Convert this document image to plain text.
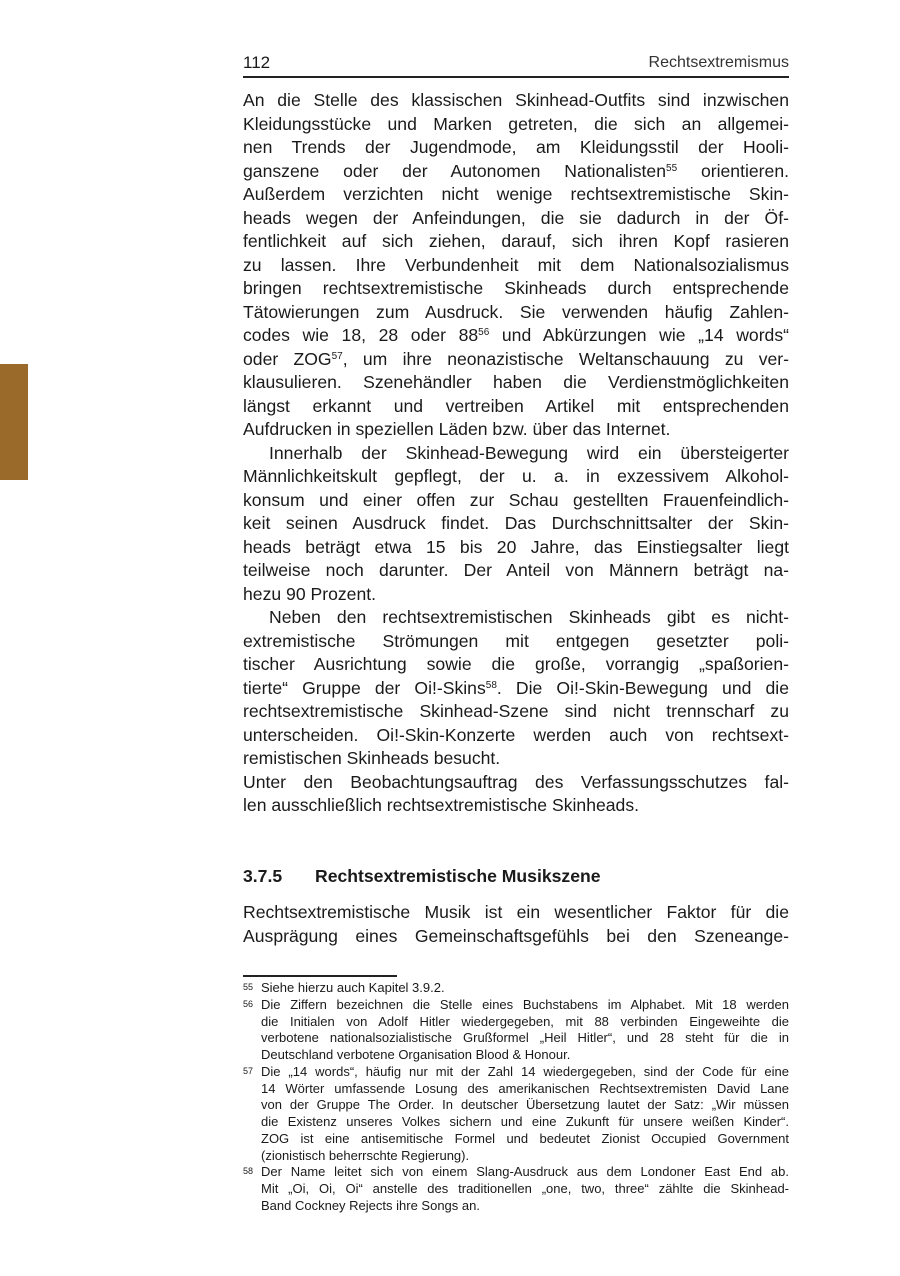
112	Rechtsextremismus
An die Stelle des klassischen Skinhead-Outfits sind inzwischen
Kleidungsstücke und Marken getreten, die sich an allgemei-
nen Trends der Jugendmode, am Kleidungsstil der Hooli-
ganszene oder der Autonomen Nationalisten$^{55}$ orientieren.
Außerdem verzichten nicht wenige rechtsextremistische Skin-
heads wegen der Anfeindungen, die sie dadurch in der Öf-
fentlichkeit auf sich ziehen, darauf, sich ihren Kopf rasieren
zu lassen. Ihre Verbundenheit mit dem Nationalsozialismus
bringen rechtsextremistische Skinheads durch entsprechende
Tätowierungen zum Ausdruck. Sie verwenden häufig Zahlen-
codes wie 18, 28 oder $88^{56}$ und Abkürzungen wie „14 words“
oder ZOG$^{57}$, um ihre neonazistische Weltanschauung zu ver-
klausulieren. Szenehändler haben die Verdienstmöglichkeiten
längst erkannt und vertreiben Artikel mit entsprechenden
Aufdrucken in speziellen Läden bzw. über das Internet.
Innerhalb der Skinhead-Bewegung wird ein übersteigerter
Männlichkeitskult gepflegt, der u. a. in exzessivem Alkohol-
konsum und einer offen zur Schau gestellten Frauenfeindlich-
keit seinen Ausdruck findet. Das Durchschnittsalter der Skin-
heads beträgt etwa 15 bis 20 Jahre, das Einstiegsalter liegt
teilweise noch darunter. Der Anteil von Männern beträgt na-
hezu 90 Prozent.
Neben den rechtsextremistischen Skinheads gibt es nicht-
extremistische Strömungen mit entgegen gesetzter poli-
tischer Ausrichtung sowie die große, vorrangig „spaßorien-
tierte“ Gruppe der Oi!-Skins$^{58}$. Die Oi!-Skin-Bewegung und die
rechtsextremistische Skinhead-Szene sind nicht trennscharf zu
unterscheiden. Oi!-Skin-Konzerte werden auch von rechtsext-
remistischen Skinheads besucht.
Unter den Beobachtungsauftrag des Verfassungsschutzes fal-
len ausschließlich rechtsextremistische Skinheads.
3.7.5 Rechtsextremistische Musikszene
Rechtsextremistische Musik ist ein wesentlicher Faktor für die
Ausprägung eines Gemeinschaftsgefühls bei den Szeneange-
55 Siehe hierzu auch Kapitel 3.9.2.
56 Die Ziffern bezeichnen die Stelle eines Buchstabens im Alphabet. Mit 18 werden
die Initialen von Adolf Hitler wiedergegeben, mit 88 verbinden Eingeweihte die
verbotene nationalsozialistische Grußformel „Heil Hitler“, und 28 steht für die in
Deutschland verbotene Organisation Blood & Honour.
57 Die „14 words“, häufig nur mit der Zahl 14 wiedergegeben, sind der Code für eine
14 Wörter umfassende Losung des amerikanischen Rechtsextremisten David Lane
von der Gruppe The Order. In deutscher Übersetzung lautet der Satz: „Wir müssen
die Existenz unseres Volkes sichern und eine Zukunft für unsere weißen Kinder“.
ZOG ist eine antisemitische Formel und bedeutet Zionist Occupied Government
(zionistisch beherrschte Regierung).
58 Der Name leitet sich von einem Slang-Ausdruck aus dem Londoner East End ab.
Mit „Oi, Oi, Oi“ anstelle des traditionellen „one, two, three“ zählte die Skinhead-
Band Cockney Rejects ihre Songs an.
